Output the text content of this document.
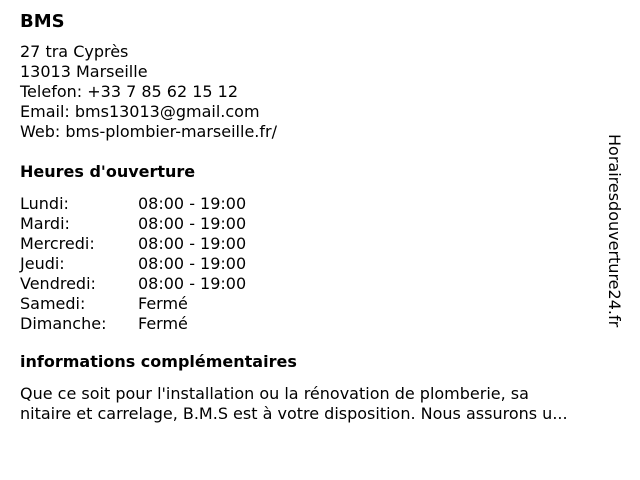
BMS
27 tra Cyprès
13013 Marseille
Telefon: +33 7 85 62 15 12
Email: bms13013@gmail.com
Web: bms-plombier-marseille.fr/
Heures d'ouverture
Lundi:	08:00 - 19:00
Mardi:	08:00 - 19:00
Mercredi:	08:00 - 19:00
Jeudi:	08:00 - 19:00
Vendredi:	08:00 - 19:00
Samedi:	Fermé
Dimanche:	Fermé
informations complémentaires
Que ce soit pour l'installation ou la rénovation de plomberie, sa
nitaire et carrelage, B.M.S est à votre disposition. Nous assurons u...
Horairesdouverture24.fr
